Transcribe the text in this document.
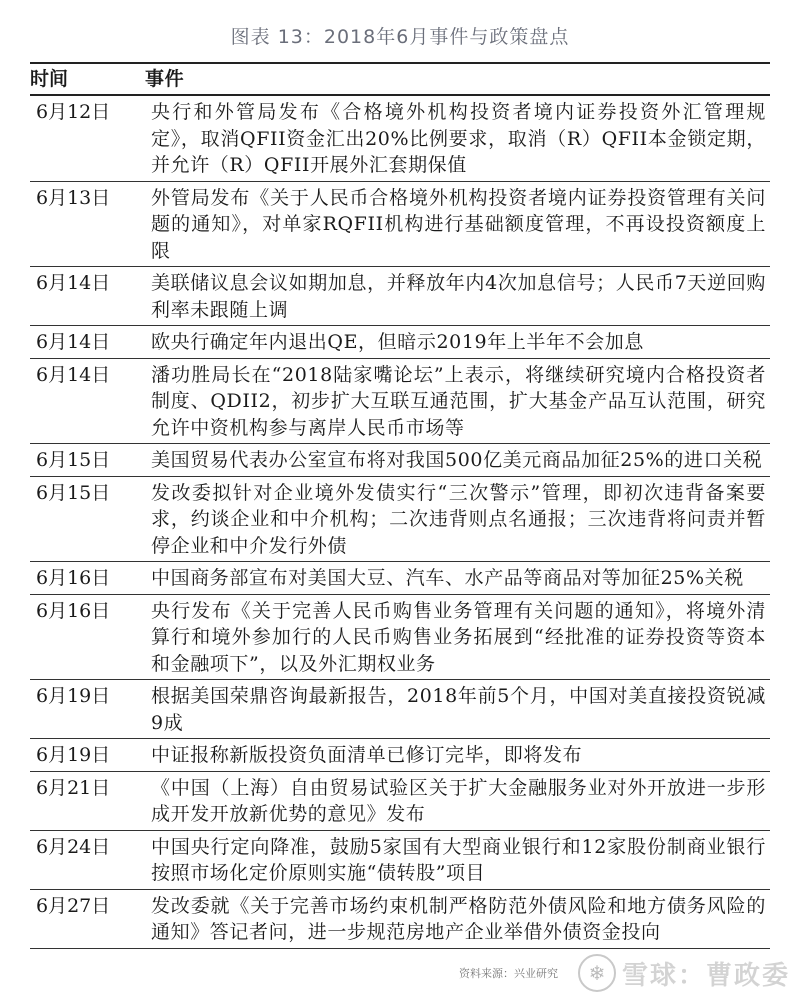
图表 13：2018年6月事件与政策盘点
时间	事件
6月12日	央行和外管局发布《合格境外机构投资者境内证券投资外汇管理规定》，取消QFII资金汇出20%比例要求，取消（R）QFII本金锁定期，并允许（R）QFII开展外汇套期保值
6月13日	外管局发布《关于人民币合格境外机构投资者境内证券投资管理有关问题的通知》，对单家RQFII机构进行基础额度管理，不再设投资额度上限
6月14日	美联储议息会议如期加息，并释放年内4次加息信号；人民币7天逆回购利率未跟随上调
6月14日	欧央行确定年内退出QE，但暗示2019年上半年不会加息
6月14日	潘功胜局长在“2018陆家嘴论坛”上表示，将继续研究境内合格投资者制度、QDII2，初步扩大互联互通范围，扩大基金产品互认范围，研究允许中资机构参与离岸人民币市场等
6月15日	美国贸易代表办公室宣布将对我国500亿美元商品加征25%的进口关税
6月15日	发改委拟针对企业境外发债实行“三次警示”管理，即初次违背备案要求，约谈企业和中介机构；二次违背则点名通报；三次违背将问责并暂停企业和中介发行外债
6月16日	中国商务部宣布对美国大豆、汽车、水产品等商品对等加征25%关税
6月16日	央行发布《关于完善人民币购售业务管理有关问题的通知》，将境外清算行和境外参加行的人民币购售业务拓展到“经批准的证券投资等资本和金融项下”，以及外汇期权业务
6月19日	根据美国荣鼎咨询最新报告，2018年前5个月，中国对美直接投资锐减9成
6月19日	中证报称新版投资负面清单已修订完毕，即将发布
6月21日	《中国（上海）自由贸易试验区关于扩大金融服务业对外开放进一步形成开发开放新优势的意见》发布
6月24日	中国央行定向降准，鼓励5家国有大型商业银行和12家股份制商业银行按照市场化定价原则实施“债转股”项目
6月27日	发改委就《关于完善市场约束机制严格防范外债风险和地方债务风险的通知》答记者问，进一步规范房地产企业举借外债资金投向
资料来源：兴业研究	❄ 雪球：曹政委
